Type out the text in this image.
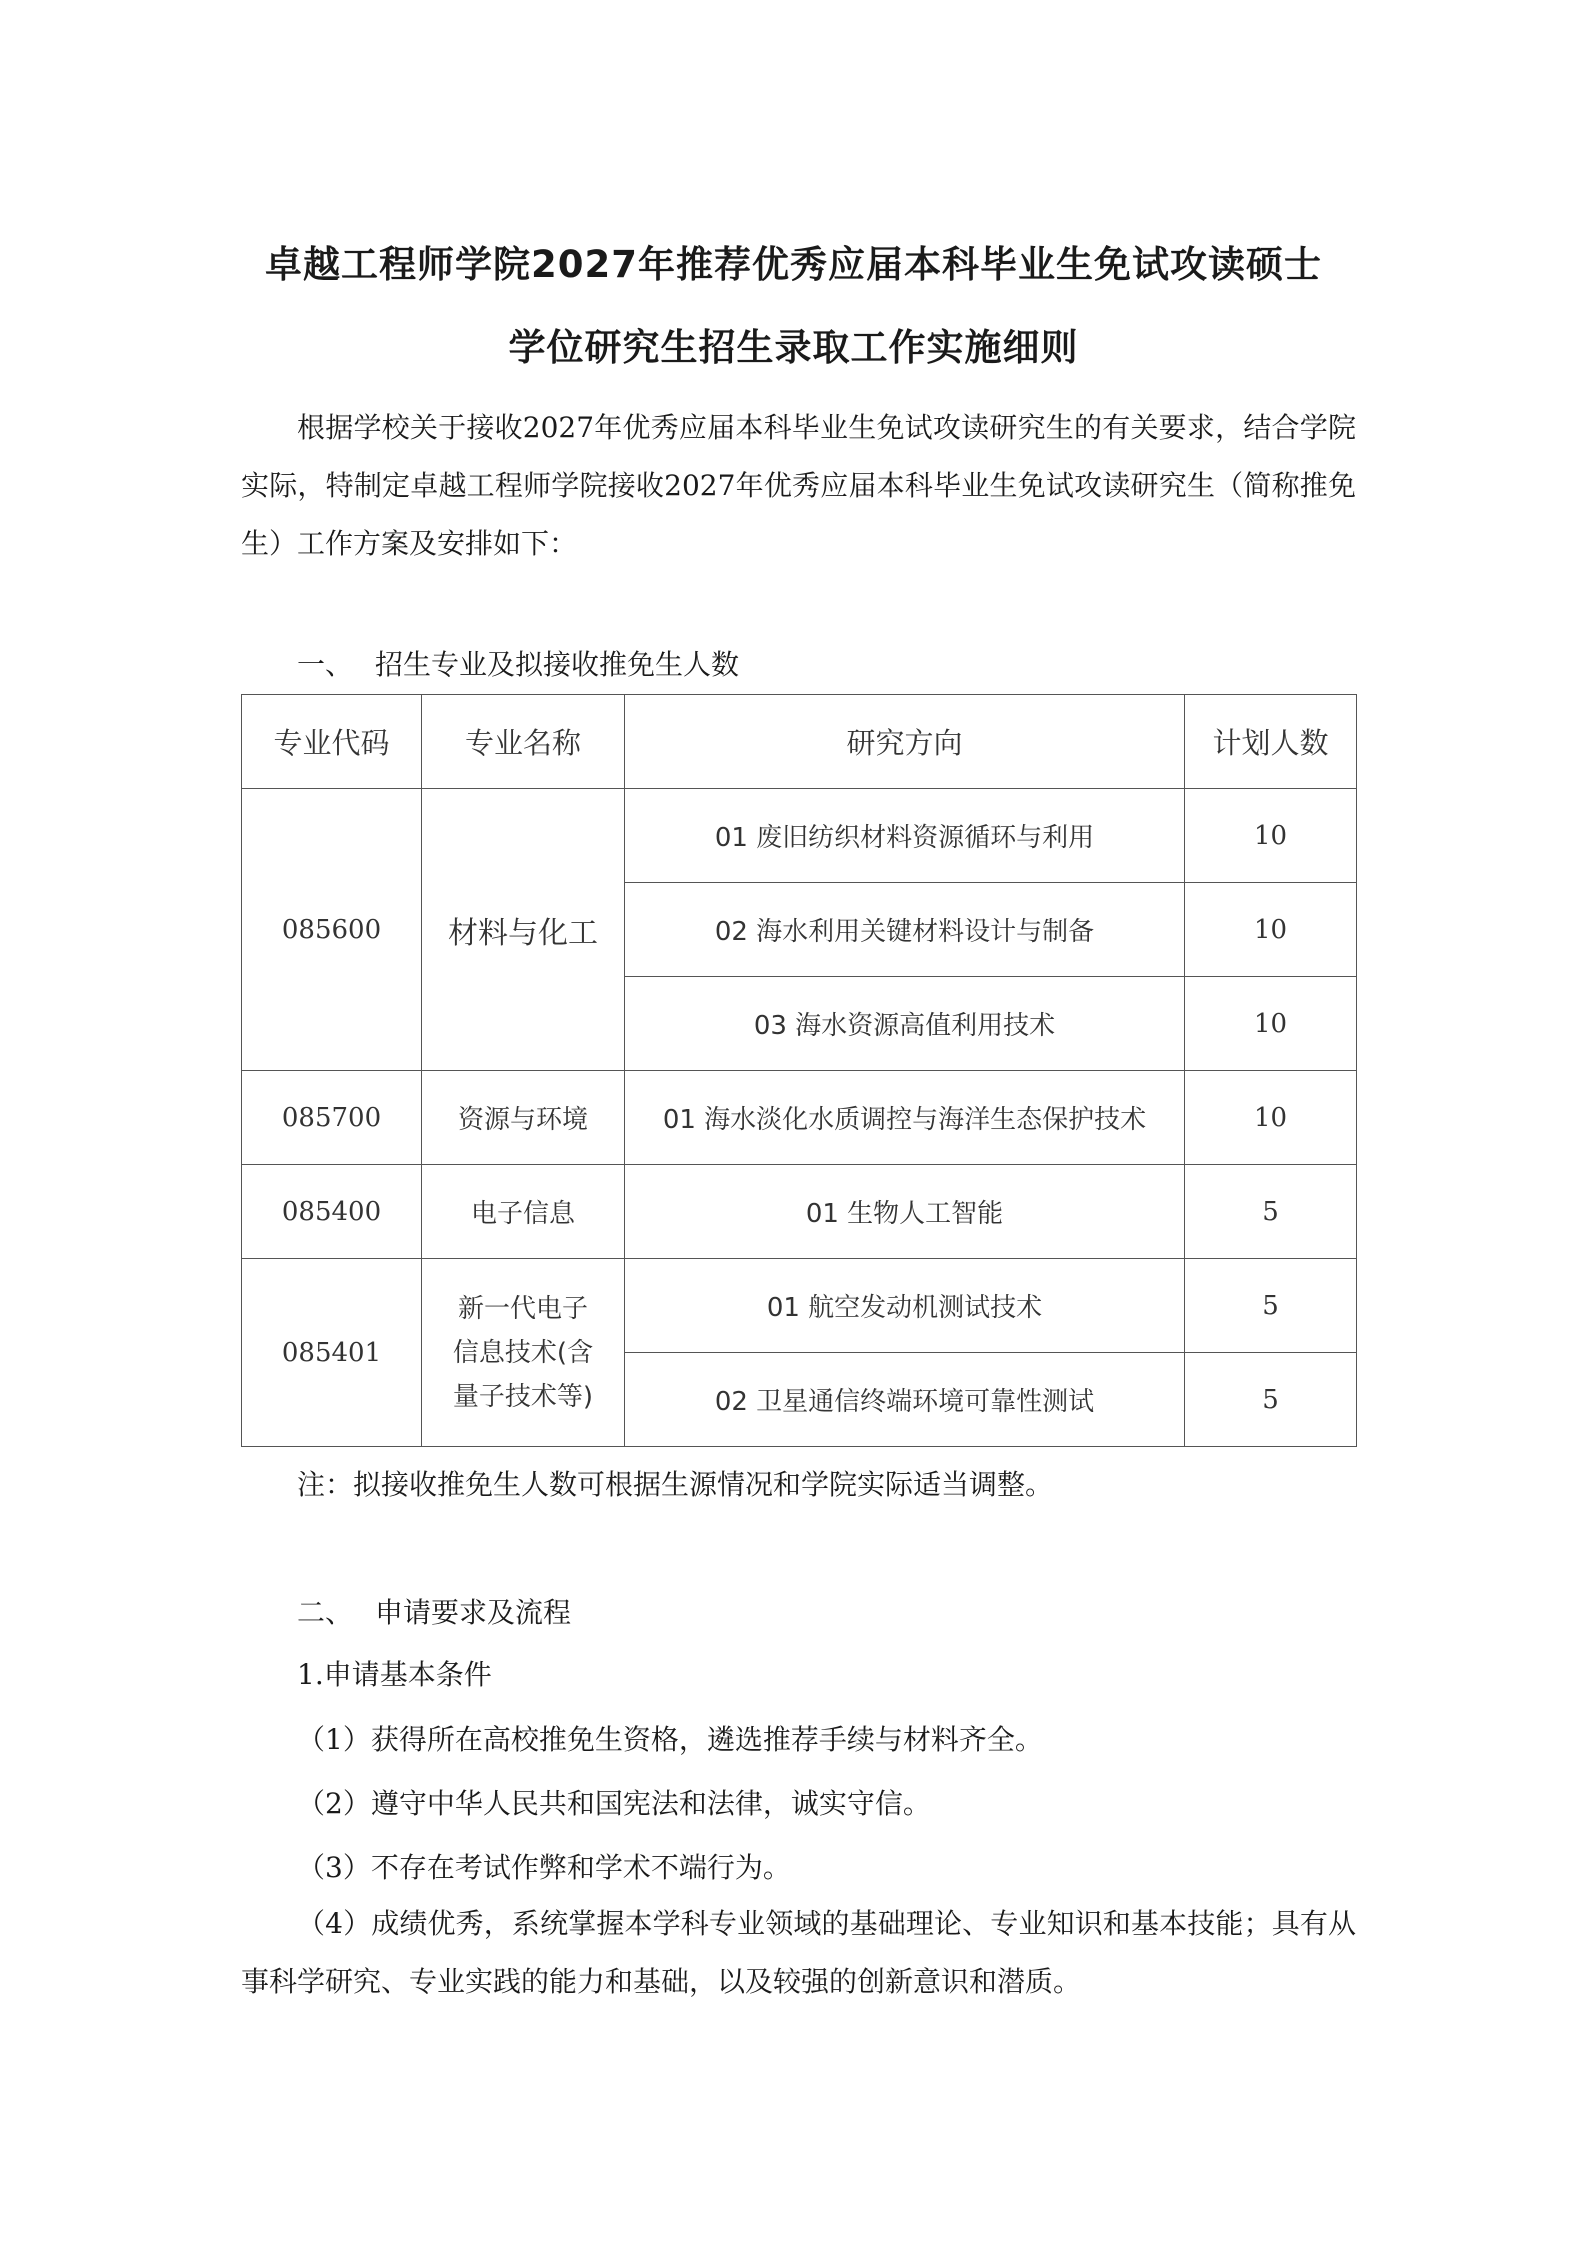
卓越工程师学院2027年推荐优秀应届本科毕业生免试攻读硕士
学位研究生招生录取工作实施细则

根据学校关于接收2027年优秀应届本科毕业生免试攻读研究生的有关要求，结合学院实际，特制定卓越工程师学院接收2027年优秀应届本科毕业生免试攻读研究生（简称推免生）工作方案及安排如下：

一、 招生专业及拟接收推免生人数
专业代码	专业名称	研究方向	计划人数
085600	材料与化工	01 废旧纺织材料资源循环与利用	10
		02 海水利用关键材料设计与制备	10
		03 海水资源高值利用技术	10
085700	资源与环境	01 海水淡化水质调控与海洋生态保护技术	10
085400	电子信息	01 生物人工智能	5
085401	新一代电子
信息技术(含
量子技术等)	01 航空发动机测试技术	5
		02 卫星通信终端环境可靠性测试	5
注：拟接收推免生人数可根据生源情况和学院实际适当调整。
二、 申请要求及流程
1.申请基本条件
（1）获得所在高校推免生资格，遴选推荐手续与材料齐全。
（2）遵守中华人民共和国宪法和法律，诚实守信。
（3）不存在考试作弊和学术不端行为。

（4）成绩优秀，系统掌握本学科专业领域的基础理论、专业知识和基本技能；具有从事科学研究、专业实践的能力和基础，以及较强的创新意识和潜质。
